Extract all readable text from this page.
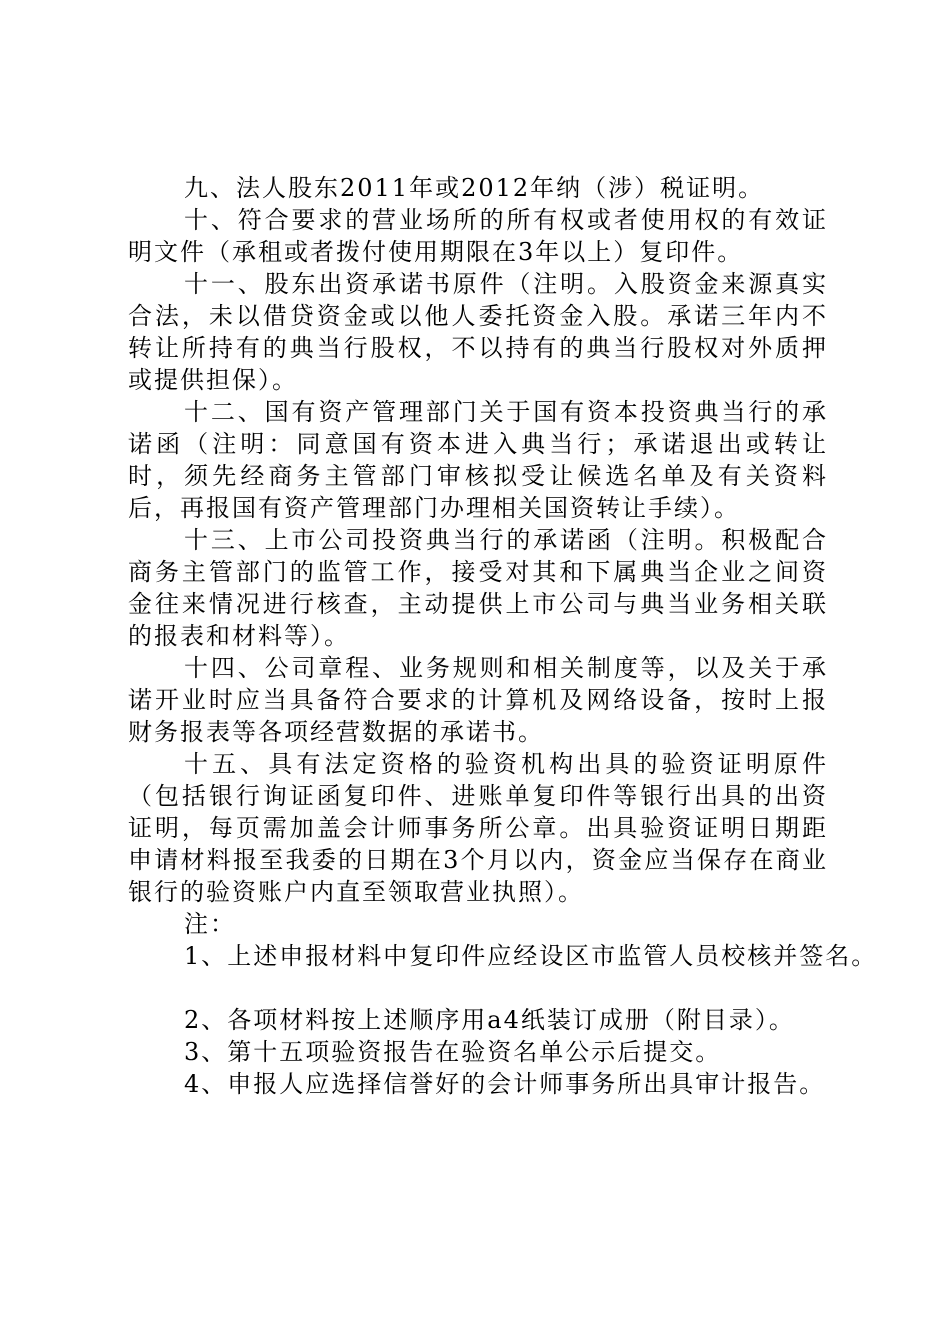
九、法人股东2011年或2012年纳（涉）税证明。

十、符合要求的营业场所的所有权或者使用权的有效证明文件（承租或者拨付使用期限在3年以上）复印件。

十一、股东出资承诺书原件（注明。入股资金来源真实合法，未以借贷资金或以他人委托资金入股。承诺三年内不转让所持有的典当行股权，不以持有的典当行股权对外质押或提供担保）。

十二、国有资产管理部门关于国有资本投资典当行的承诺函（注明：同意国有资本进入典当行；承诺退出或转让时，须先经商务主管部门审核拟受让候选名单及有关资料后，再报国有资产管理部门办理相关国资转让手续）。

十三、上市公司投资典当行的承诺函（注明。积极配合商务主管部门的监管工作，接受对其和下属典当企业之间资金往来情况进行核查，主动提供上市公司与典当业务相关联的报表和材料等）。

十四、公司章程、业务规则和相关制度等，以及关于承诺开业时应当具备符合要求的计算机及网络设备，按时上报财务报表等各项经营数据的承诺书。

十五、具有法定资格的验资机构出具的验资证明原件（包括银行询证函复印件、进账单复印件等银行出具的出资证明，每页需加盖会计师事务所公章。出具验资证明日期距申请材料报至我委的日期在3个月以内，资金应当保存在商业银行的验资账户内直至领取营业执照）。

注：

1、上述申报材料中复印件应经设区市监管人员校核并签名。

2、各项材料按上述顺序用a4纸装订成册（附目录）。

3、第十五项验资报告在验资名单公示后提交。

4、申报人应选择信誉好的会计师事务所出具审计报告。
